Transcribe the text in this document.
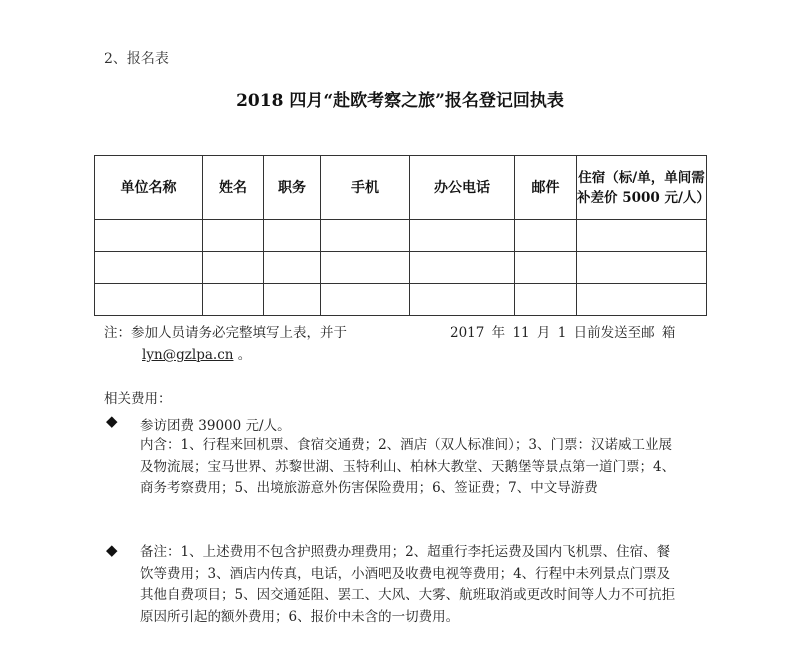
2、报名表
2018 四月“赴欧考察之旅”报名登记回执表
单位名称	姓名	职务	手机	办公电话	邮件	住宿（标/单，单间需补差价 5000 元/人）

注：参加人员请务必完整填写上表，并于	2017 年 11 月 1 日前发送至邮 箱
lyn@gzlpa.cn 。
相关费用：
◆ 参访团费 39000 元/人。
内含：1、行程来回机票、食宿交通费；2、酒店（双人标准间）；3、门票：汉诺威工业展及物流展；宝马世界、苏黎世湖、玉特利山、柏林大教堂、天鹅堡等景点第一道门票；4、商务考察费用；5、出境旅游意外伤害保险费用；6、签证费；7、中文导游费
◆ 备注：1、上述费用不包含护照费办理费用；2、超重行李托运费及国内飞机票、住宿、餐饮等费用；3、酒店内传真，电话，小酒吧及收费电视等费用；4、行程中未列景点门票及其他自费项目；5、因交通延阻、罢工、大风、大雾、航班取消或更改时间等人力不可抗拒原因所引起的额外费用；6、报价中未含的一切费用。
